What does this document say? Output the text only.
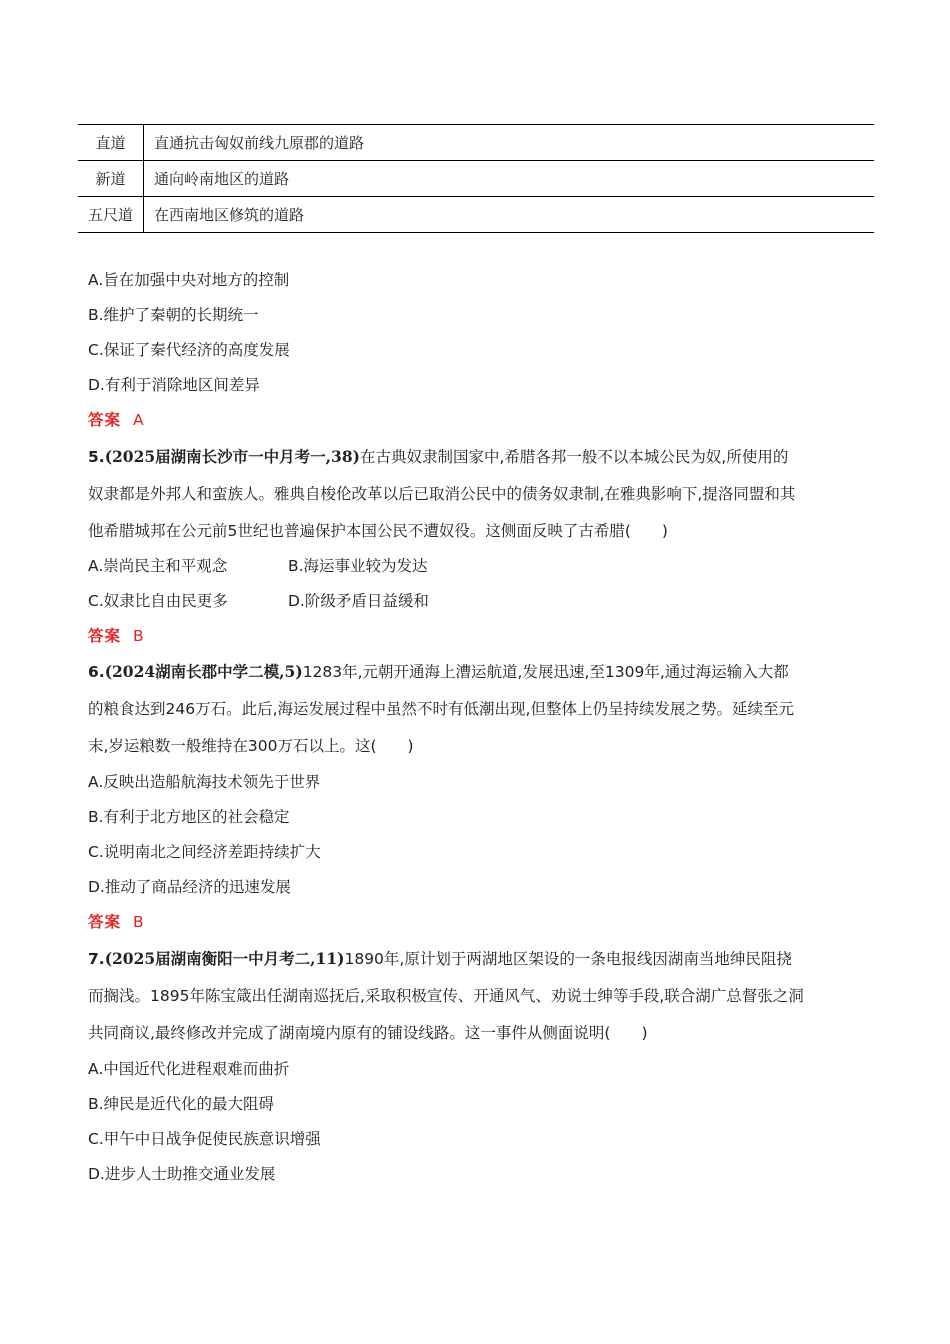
直道	直通抗击匈奴前线九原郡的道路
新道	通向岭南地区的道路
五尺道	在西南地区修筑的道路
A.旨在加强中央对地方的控制
B.维护了秦朝的长期统一
C.保证了秦代经济的高度发展
D.有利于消除地区间差异
答案 A
5.(2025届湖南长沙市一中月考一,38)在古典奴隶制国家中,希腊各邦一般不以本城公民为奴,所使用的
奴隶都是外邦人和蛮族人。雅典自梭伦改革以后已取消公民中的债务奴隶制,在雅典影响下,提洛同盟和其
他希腊城邦在公元前5世纪也普遍保护本国公民不遭奴役。这侧面反映了古希腊(　　)
A.崇尚民主和平观念	B.海运事业较为发达
C.奴隶比自由民更多	D.阶级矛盾日益缓和
答案 B
6.(2024湖南长郡中学二模,5)1283年,元朝开通海上漕运航道,发展迅速,至1309年,通过海运输入大都
的粮食达到246万石。此后,海运发展过程中虽然不时有低潮出现,但整体上仍呈持续发展之势。延续至元
末,岁运粮数一般维持在300万石以上。这(　　)
A.反映出造船航海技术领先于世界
B.有利于北方地区的社会稳定
C.说明南北之间经济差距持续扩大
D.推动了商品经济的迅速发展
答案 B
7.(2025届湖南衡阳一中月考二,11)1890年,原计划于两湖地区架设的一条电报线因湖南当地绅民阻挠
而搁浅。1895年陈宝箴出任湖南巡抚后,采取积极宣传、开通风气、劝说士绅等手段,联合湖广总督张之洞
共同商议,最终修改并完成了湖南境内原有的铺设线路。这一事件从侧面说明(　　)
A.中国近代化进程艰难而曲折
B.绅民是近代化的最大阻碍
C.甲午中日战争促使民族意识增强
D.进步人士助推交通业发展
